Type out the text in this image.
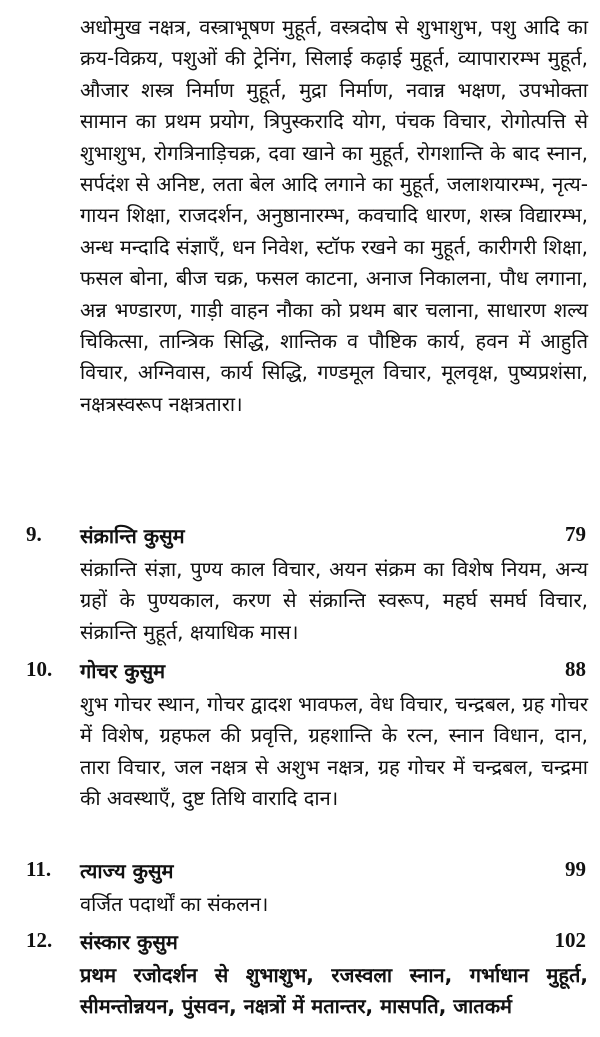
अधोमुख नक्षत्र, वस्त्राभूषण मुहूर्त, वस्त्रदोष से शुभाशुभ, पशु आदि का क्रय-विक्रय, पशुओं की ट्रेनिंग, सिलाई कढ़ाई मुहूर्त, व्यापारारम्भ मुहूर्त, औजार शस्त्र निर्माण मुहूर्त, मुद्रा निर्माण, नवान्न भक्षण, उपभोक्ता सामान का प्रथम प्रयोग, त्रिपुस्करादि योग, पंचक विचार, रोगोत्पत्ति से शुभाशुभ, रोगत्रिनाड़िचक्र, दवा खाने का मुहूर्त, रोगशान्ति के बाद स्नान, सर्पदंश से अनिष्ट, लता बेल आदि लगाने का मुहूर्त, जलाशयारम्भ, नृत्य-गायन शिक्षा, राजदर्शन, अनुष्ठानारम्भ, कवचादि धारण, शस्त्र विद्यारम्भ, अन्ध मन्दादि संज्ञाएँ, धन निवेश, स्टॉफ रखने का मुहूर्त, कारीगरी शिक्षा, फसल बोना, बीज चक्र, फसल काटना, अनाज निकालना, पौध लगाना, अन्न भण्डारण, गाड़ी वाहन नौका को प्रथम बार चलाना, साधारण शल्य चिकित्सा, तान्त्रिक सिद्धि, शान्तिक व पौष्टिक कार्य, हवन में आहुति विचार, अग्निवास, कार्य सिद्धि, गण्डमूल विचार, मूलवृक्ष, पुष्यप्रशंसा, नक्षत्रस्वरूप नक्षत्रतारा।
9. संक्रान्ति कुसुम	79
संक्रान्ति संज्ञा, पुण्य काल विचार, अयन संक्रम का विशेष नियम, अन्य ग्रहों के पुण्यकाल, करण से संक्रान्ति स्वरूप, महर्घ समर्घ विचार, संक्रान्ति मुहूर्त, क्षयाधिक मास।
10. गोचर कुसुम	88
शुभ गोचर स्थान, गोचर द्वादश भावफल, वेध विचार, चन्द्रबल, ग्रह गोचर में विशेष, ग्रहफल की प्रवृत्ति, ग्रहशान्ति के रत्न, स्नान विधान, दान, तारा विचार, जल नक्षत्र से अशुभ नक्षत्र, ग्रह गोचर में चन्द्रबल, चन्द्रमा की अवस्थाएँ, दुष्ट तिथि वारादि दान।
11. त्याज्य कुसुम	99
वर्जित पदार्थों का संकलन।
12. संस्कार कुसुम	102
प्रथम रजोदर्शन से शुभाशुभ, रजस्वला स्नान, गर्भाधान मुहूर्त, सीमन्तोन्नयन, पुंसवन, नक्षत्रों में मतान्तर, मासपति, जातकर्म
